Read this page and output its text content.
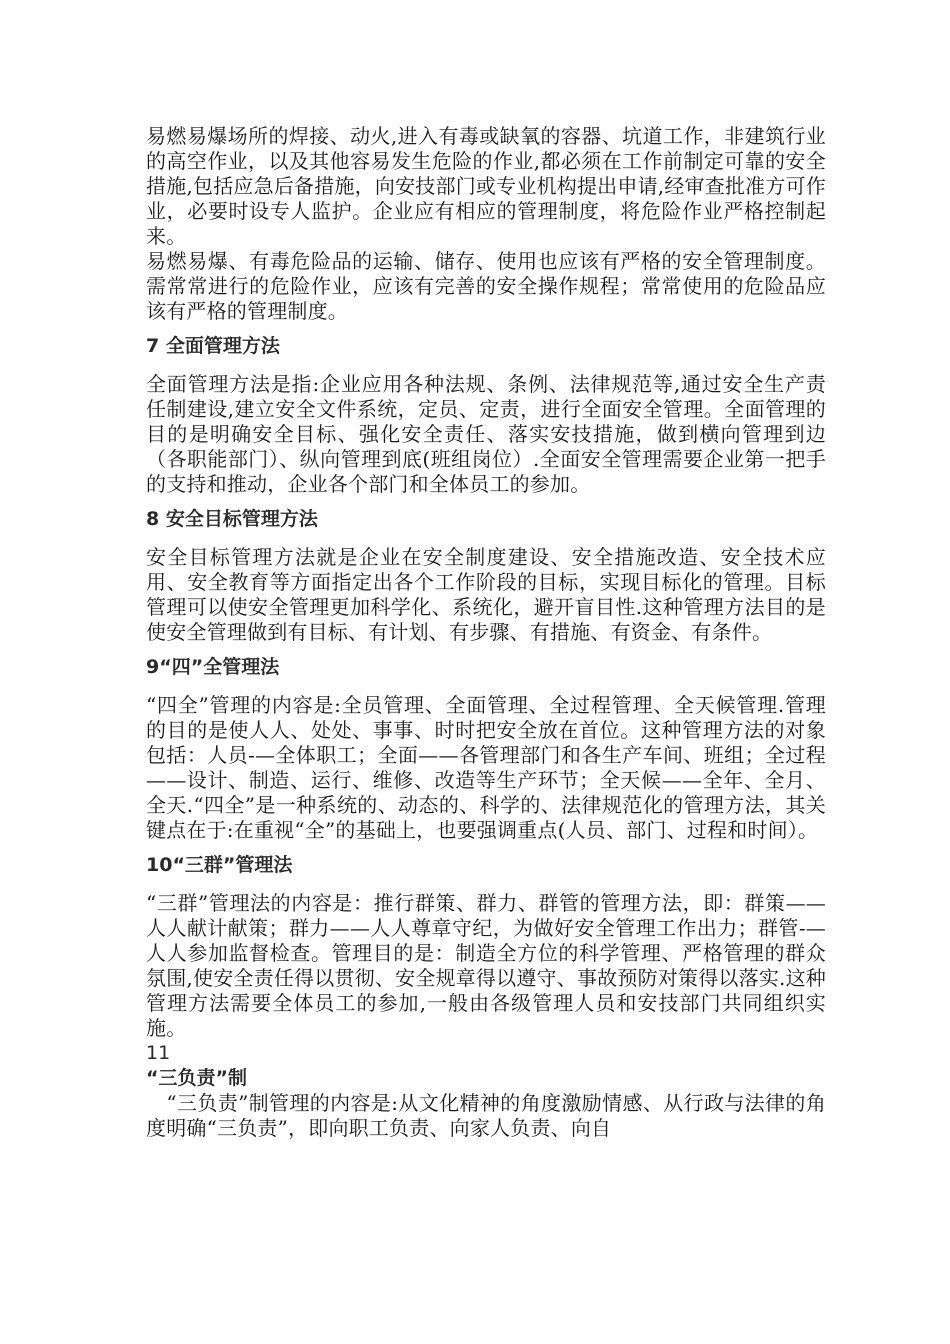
易燃易爆场所的焊接、动火,进入有毒或缺氧的容器、坑道工作，非建筑行业的高空作业，以及其他容易发生危险的作业,都必须在工作前制定可靠的安全措施,包括应急后备措施，向安技部门或专业机构提出申请,经审查批准方可作业，必要时设专人监护。企业应有相应的管理制度，将危险作业严格控制起来。

易燃易爆、有毒危险品的运输、储存、使用也应该有严格的安全管理制度。需常常进行的危险作业，应该有完善的安全操作规程；常常使用的危险品应该有严格的管理制度。

7 全面管理方法

全面管理方法是指:企业应用各种法规、条例、法律规范等,通过安全生产责任制建设,建立安全文件系统，定员、定责，进行全面安全管理。全面管理的目的是明确安全目标、强化安全责任、落实安技措施，做到横向管理到边（各职能部门）、纵向管理到底(班组岗位）.全面安全管理需要企业第一把手的支持和推动，企业各个部门和全体员工的参加。

8 安全目标管理方法

安全目标管理方法就是企业在安全制度建设、安全措施改造、安全技术应用、安全教育等方面指定出各个工作阶段的目标，实现目标化的管理。目标管理可以使安全管理更加科学化、系统化，避开盲目性.这种管理方法目的是使安全管理做到有目标、有计划、有步骤、有措施、有资金、有条件。

9“四”全管理法

“四全”管理的内容是:全员管理、全面管理、全过程管理、全天候管理.管理的目的是使人人、处处、事事、时时把安全放在首位。这种管理方法的对象包括：人员-—全体职工；全面——各管理部门和各生产车间、班组；全过程——设计、制造、运行、维修、改造等生产环节；全天候——全年、全月、全天.“四全”是一种系统的、动态的、科学的、法律规范化的管理方法，其关键点在于:在重视“全”的基础上，也要强调重点(人员、部门、过程和时间）。

10“三群”管理法

“三群”管理法的内容是：推行群策、群力、群管的管理方法，即：群策——人人献计献策；群力——人人尊章守纪，为做好安全管理工作出力；群管-—人人参加监督检查。管理目的是：制造全方位的科学管理、严格管理的群众氛围,使安全责任得以贯彻、安全规章得以遵守、事故预防对策得以落实.这种管理方法需要全体员工的参加,一般由各级管理人员和安技部门共同组织实施。

11

“三负责”制

　“三负责”制管理的内容是:从文化精神的角度激励情感、从行政与法律的角度明确“三负责”，即向职工负责、向家人负责、向自
